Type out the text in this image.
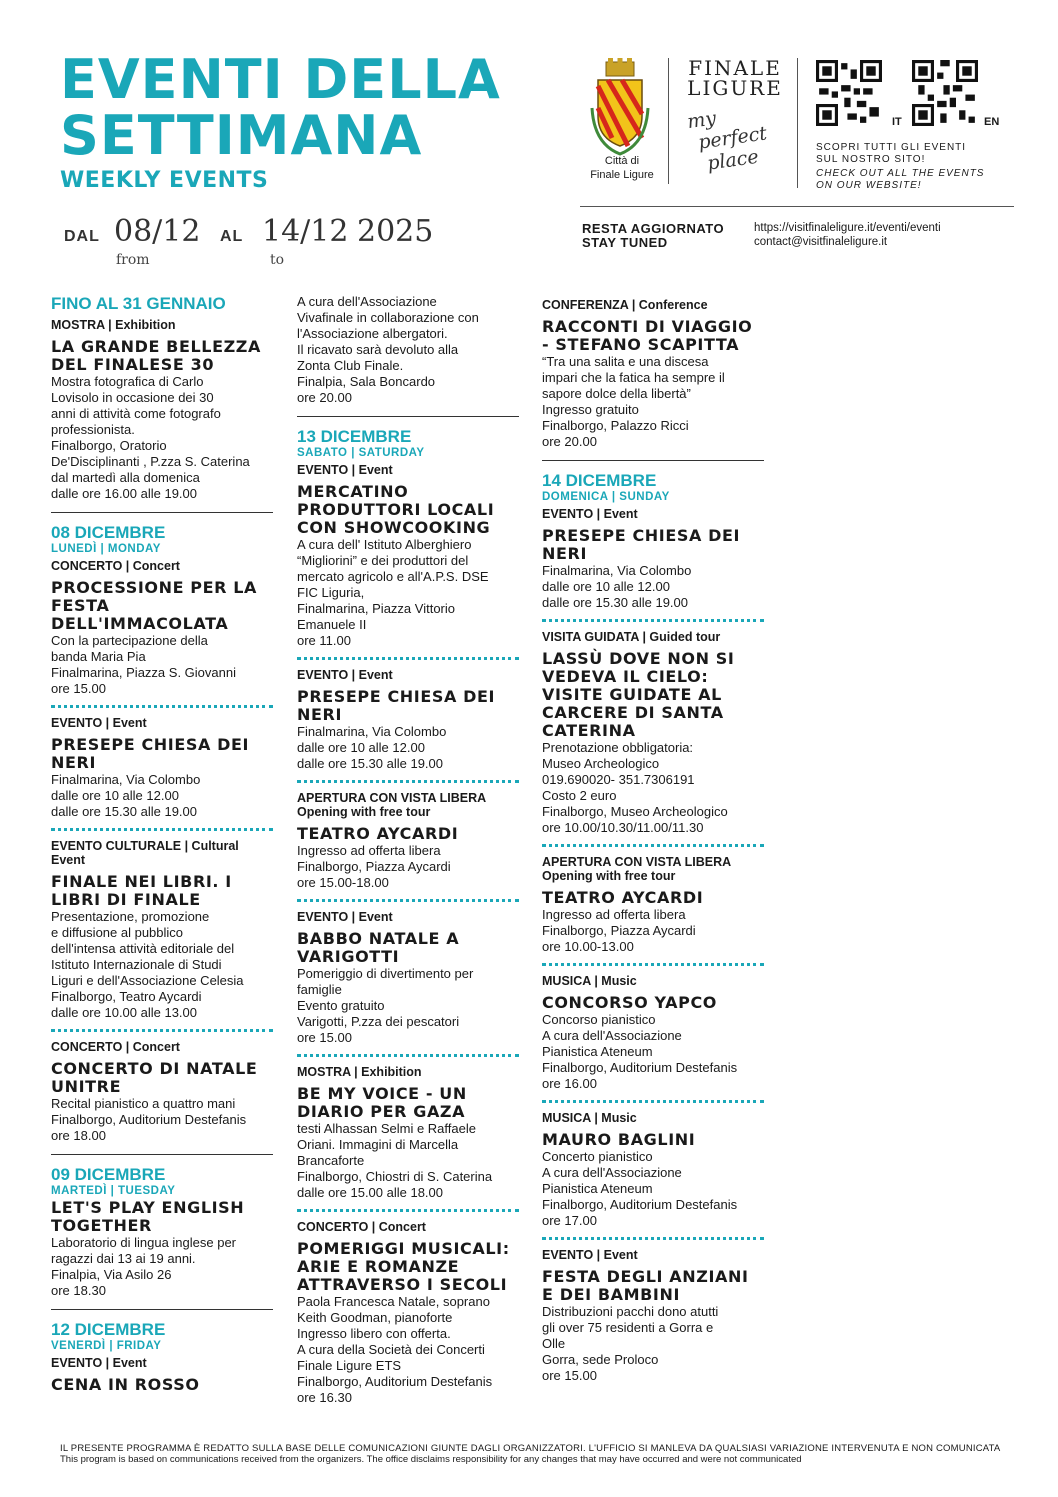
EVENTI DELLA
SETTIMANA
WEEKLY EVENTS
DAL 08/12 AL 14/12 2025
from	to
Città di
Finale Ligure
FINALE
LIGURE
my
perfect
place
IT	EN
SCOPRI TUTTI GLI EVENTI
SUL NOSTRO SITO!
CHECK OUT ALL THE EVENTS
ON OUR WEBSITE!
RESTA AGGIORNATO
STAY TUNED
https://visitfinaleligure.it/eventi/eventi
contact@visitfinaleligure.it
FINO AL 31 GENNAIO
MOSTRA | Exhibition
LA GRANDE BELLEZZA DEL FINALESE 30
Mostra fotografica di Carlo
Lovisolo in occasione dei 30
anni di attività come fotografo
professionista.
Finalborgo, Oratorio
De'Disciplinanti , P.zza S. Caterina
dal martedì alla domenica
dalle ore 16.00 alle 19.00
08 DICEMBRE
LUNEDÌ | MONDAY
CONCERTO | Concert
PROCESSIONE PER LA FESTA DELL'IMMACOLATA
Con la partecipazione della
banda Maria Pia
Finalmarina, Piazza S. Giovanni
ore 15.00
EVENTO | Event
PRESEPE CHIESA DEI NERI
Finalmarina, Via Colombo
dalle ore 10 alle 12.00
dalle ore 15.30 alle 19.00
EVENTO CULTURALE | Cultural Event
FINALE NEI LIBRI. I LIBRI DI FINALE
Presentazione, promozione
e diffusione al pubblico
dell'intensa attività editoriale del
Istituto Internazionale di Studi
Liguri e dell'Associazione Celesia
Finalborgo, Teatro Aycardi
dalle ore 10.00 alle 13.00
CONCERTO | Concert
CONCERTO DI NATALE UNITRE
Recital pianistico a quattro mani
Finalborgo, Auditorium Destefanis
ore 18.00
09 DICEMBRE
MARTEDÌ | TUESDAY
LET'S PLAY ENGLISH TOGETHER
Laboratorio di lingua inglese per
ragazzi dai 13 ai 19 anni.
Finalpia, Via Asilo 26
ore 18.30
12 DICEMBRE
VENERDÌ | FRIDAY
EVENTO | Event
CENA IN ROSSO
A cura dell'Associazione
Vivafinale in collaborazione con
l'Associazione albergatori.
Il ricavato sarà devoluto alla
Zonta Club Finale.
Finalpia, Sala Boncardo
ore 20.00
13 DICEMBRE
SABATO | SATURDAY
EVENTO | Event
MERCATINO PRODUTTORI LOCALI CON SHOWCOOKING
A cura dell' Istituto Alberghiero
“Migliorini” e dei produttori del
mercato agricolo e all'A.P.S. DSE
FIC Liguria,
Finalmarina, Piazza Vittorio
Emanuele II
ore 11.00
EVENTO | Event
PRESEPE CHIESA DEI NERI
Finalmarina, Via Colombo
dalle ore 10 alle 12.00
dalle ore 15.30 alle 19.00
APERTURA CON VISTA LIBERA Opening with free tour
TEATRO AYCARDI
Ingresso ad offerta libera
Finalborgo, Piazza Aycardi
ore 15.00-18.00
EVENTO | Event
BABBO NATALE A VARIGOTTI
Pomeriggio di divertimento per
famiglie
Evento gratuito
Varigotti, P.zza dei pescatori
ore 15.00
MOSTRA | Exhibition
BE MY VOICE - UN DIARIO PER GAZA
testi Alhassan Selmi e Raffaele
Oriani. Immagini di Marcella
Brancaforte
Finalborgo, Chiostri di S. Caterina
dalle ore 15.00 alle 18.00
CONCERTO | Concert
POMERIGGI MUSICALI: ARIE E ROMANZE ATTRAVERSO I SECOLI
Paola Francesca Natale, soprano
Keith Goodman, pianoforte
Ingresso libero con offerta.
A cura della Società dei Concerti
Finale Ligure ETS
Finalborgo, Auditorium Destefanis
ore 16.30
CONFERENZA | Conference
RACCONTI DI VIAGGIO - STEFANO SCAPITTA
“Tra una salita e una discesa
impari che la fatica ha sempre il
sapore dolce della libertà”
Ingresso gratuito
Finalborgo, Palazzo Ricci
ore 20.00
14 DICEMBRE
DOMENICA | SUNDAY
EVENTO | Event
PRESEPE CHIESA DEI NERI
Finalmarina, Via Colombo
dalle ore 10 alle 12.00
dalle ore 15.30 alle 19.00
VISITA GUIDATA | Guided tour
LASSÙ DOVE NON SI VEDEVA IL CIELO: VISITE GUIDATE AL CARCERE DI SANTA CATERINA
Prenotazione obbligatoria:
Museo Archeologico
019.690020- 351.7306191
Costo 2 euro
Finalborgo, Museo Archeologico
ore 10.00/10.30/11.00/11.30
APERTURA CON VISTA LIBERA Opening with free tour
TEATRO AYCARDI
Ingresso ad offerta libera
Finalborgo, Piazza Aycardi
ore 10.00-13.00
MUSICA | Music
CONCORSO YAPCO
Concorso pianistico
A cura dell'Associazione
Pianistica Ateneum
Finalborgo, Auditorium Destefanis
ore 16.00
MUSICA | Music
MAURO BAGLINI
Concerto pianistico
A cura dell'Associazione
Pianistica Ateneum
Finalborgo, Auditorium Destefanis
ore 17.00
EVENTO | Event
FESTA DEGLI ANZIANI E DEI BAMBINI
Distribuzioni pacchi dono atutti
gli over 75 residenti a Gorra e
Olle
Gorra, sede Proloco
ore 15.00
IL PRESENTE PROGRAMMA È REDATTO SULLA BASE DELLE COMUNICAZIONI GIUNTE DAGLI ORGANIZZATORI. L'UFFICIO SI MANLEVA DA QUALSIASI VARIAZIONE INTERVENUTA E NON COMUNICATA
This program is based on communications received from the organizers. The office disclaims responsibility for any changes that may have occurred and were not communicated
